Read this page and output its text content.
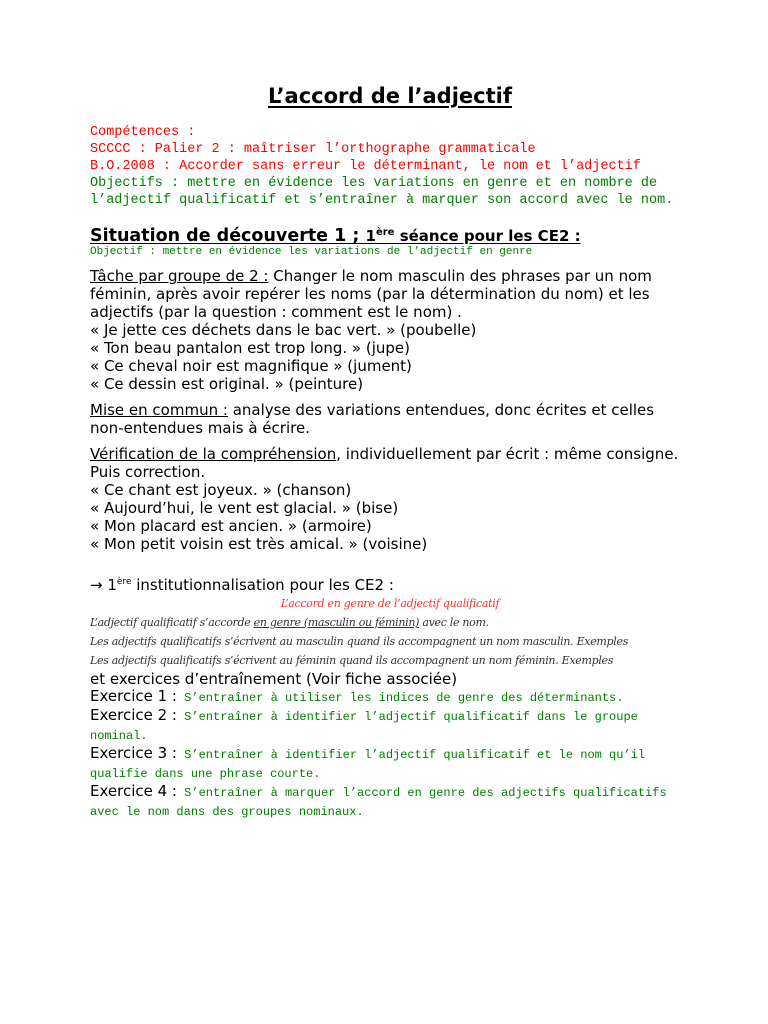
L’accord de l’adjectif
Compétences :
SCCCC : Palier 2 : maîtriser l’orthographe grammaticale
B.O.2008 : Accorder sans erreur le déterminant, le nom et l’adjectif
Objectifs : mettre en évidence les variations en genre et en nombre de l’adjectif qualificatif et s’entraîner à marquer son accord avec le nom.
Situation de découverte 1 ; 1ère séance pour les CE2 :
Objectif : mettre en évidence les variations de l’adjectif en genre
Tâche par groupe de 2 : Changer le nom masculin des phrases par un nom féminin, après avoir repérer les noms (par la détermination du nom) et les adjectifs (par la question : comment est le nom) .
« Je jette ces déchets dans le bac vert. » (poubelle)
« Ton beau pantalon est trop long. » (jupe)
« Ce cheval noir est magnifique » (jument)
« Ce dessin est original. » (peinture)
Mise en commun : analyse des variations entendues, donc écrites et celles non-entendues mais à écrire.
Vérification de la compréhension, individuellement par écrit : même consigne. Puis correction.
« Ce chant est joyeux. » (chanson)
« Aujourd’hui, le vent est glacial. » (bise)
« Mon placard est ancien. » (armoire)
« Mon petit voisin est très amical. » (voisine)
→ 1ère institutionnalisation pour les CE2 :
L’accord en genre de l’adjectif qualificatif
L’adjectif qualificatif s’accorde en genre (masculin ou féminin) avec le nom.
Les adjectifs qualificatifs s’écrivent au masculin quand ils accompagnent un nom masculin. Exemples
Les adjectifs qualificatifs s’écrivent au féminin quand ils accompagnent un nom féminin. Exemples
et exercices d’entraînement (Voir fiche associée)
Exercice 1 : S’entraîner à utiliser les indices de genre des déterminants.
Exercice 2 : S’entraîner à identifier l’adjectif qualificatif dans le groupe nominal.
Exercice 3 : S’entraîner à identifier l’adjectif qualificatif et le nom qu’il qualifie dans une phrase courte.
Exercice 4 : S’entraîner à marquer l’accord en genre des adjectifs qualificatifs avec le nom dans des groupes nominaux.
